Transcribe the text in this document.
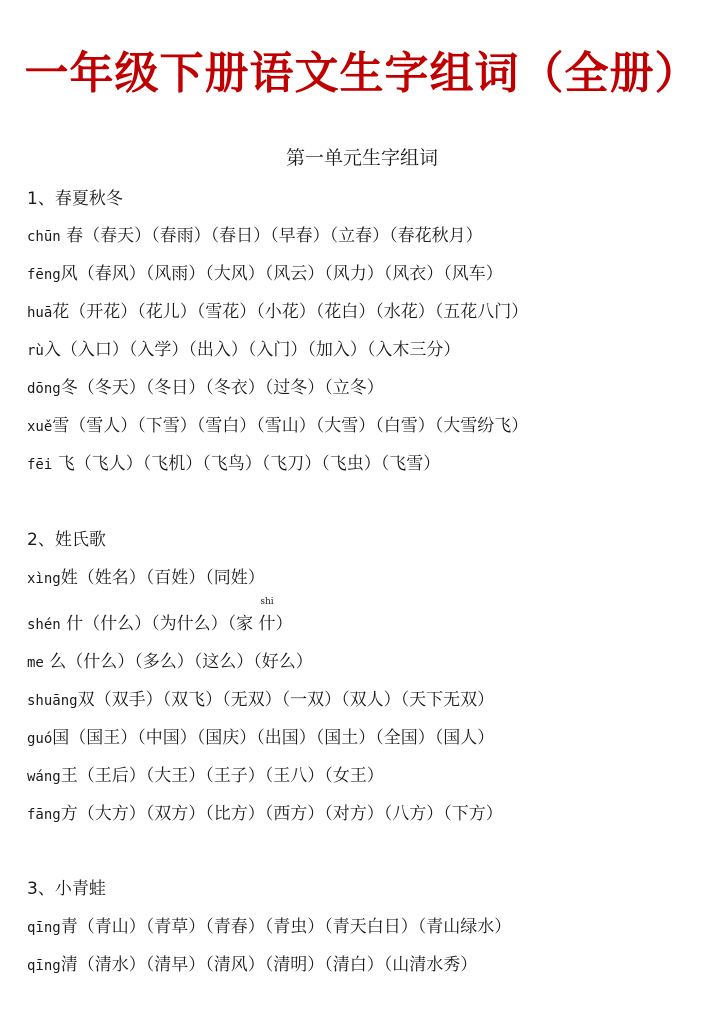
一年级下册语文生字组词（全册）
第一单元生字组词
1、春夏秋冬
chūn 春（春天）（春雨）（春日）（早春）（立春）（春花秋月）
fēng风（春风）（风雨）（大风）（风云）（风力）（风衣）（风车）
huā花（开花）（花儿）（雪花）（小花）（花白）（水花）（五花八门）
rù入（入口）（入学）（出入）（入门）（加入）（入木三分）
dōng冬（冬天）（冬日）（冬衣）（过冬）（立冬）
xuě雪（雪人）（下雪）（雪白）（雪山）（大雪）（白雪）（大雪纷飞）
fēi 飞（飞人）（飞机）（飞鸟）（飞刀）（飞虫）（飞雪）
2、姓氏歌
xìng姓（姓名）（百姓）（同姓）
shén 什（什么）（为什么）（家
shi
什）
me 么（什么）（多么）（这么）（好么）
shuāng双（双手）（双飞）（无双）（一双）（双人）（天下无双）
guó国（国王）（中国）（国庆）（出国）（国土）（全国）（国人）
wáng王（王后）（大王）（王子）（王八）（女王）
fāng方（大方）（双方）（比方）（西方）（对方）（八方）（下方）
3、小青蛙
qīng青（青山）（青草）（青春）（青虫）（青天白日）（青山绿水）
qīng清（清水）（清早）（清风）（清明）（清白）（山清水秀）
